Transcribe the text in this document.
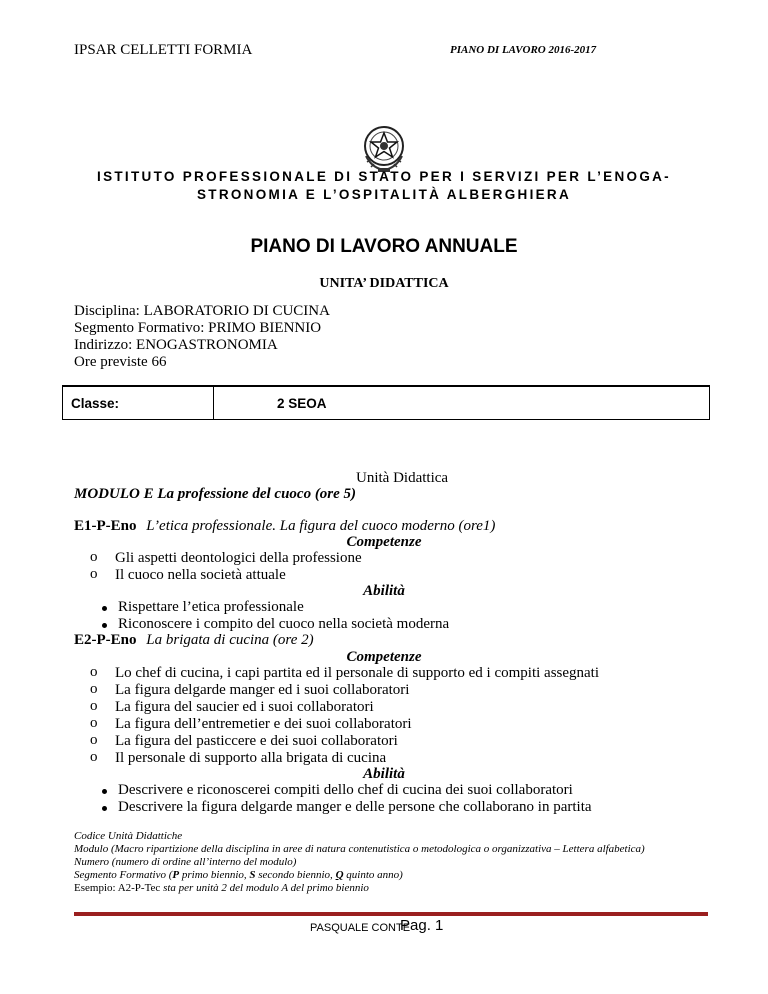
IPSAR CELLETTI FORMIA	PIANO DI LAVORO 2016-2017
ISTITUTO PROFESSIONALE DI STATO PER I SERVIZI PER L’ENOGA-
STRONOMIA E L’OSPITALITÀ ALBERGHIERA
PIANO DI LAVORO ANNUALE
UNITA’ DIDATTICA
Disciplina: LABORATORIO DI CUCINA
Segmento Formativo: PRIMO BIENNIO
Indirizzo: ENOGASTRONOMIA
Ore previste 66
Classe:	2 SEOA
Unità Didattica
MODULO E La professione del cuoco (ore 5)
E1-P-Eno L’etica professionale. La figura del cuoco moderno (ore1)
Competenze
o Gli aspetti deontologici della professione
o Il cuoco nella società attuale
Abilità
Rispettare l’etica professionale
Riconoscere i compito del cuoco nella società moderna
E2-P-Eno La brigata di cucina (ore 2)
Competenze
o Lo chef di cucina, i capi partita ed il personale di supporto ed i compiti assegnati
o La figura delgarde manger ed i suoi collaboratori
o La figura del saucier ed i suoi collaboratori
o La figura dell’entremetier e dei suoi collaboratori
o La figura del pasticcere e dei suoi collaboratori
o Il personale di supporto alla brigata di cucina
Abilità
Descrivere e riconoscerei compiti dello chef di cucina dei suoi collaboratori
Descrivere la figura delgarde manger e delle persone che collaborano in partita
Codice Unità Didattiche
Modulo (Macro ripartizione della disciplina in aree di natura contenutistica o metodologica o organizzativa – Lettera alfabetica)
Numero (numero di ordine all’interno del modulo)
Segmento Formativo (P primo biennio, S secondo biennio, Q quinto anno)
Esempio: A2-P-Tec sta per unità 2 del modulo A del primo biennio
PASQUALE CONTE
Pag. 1
